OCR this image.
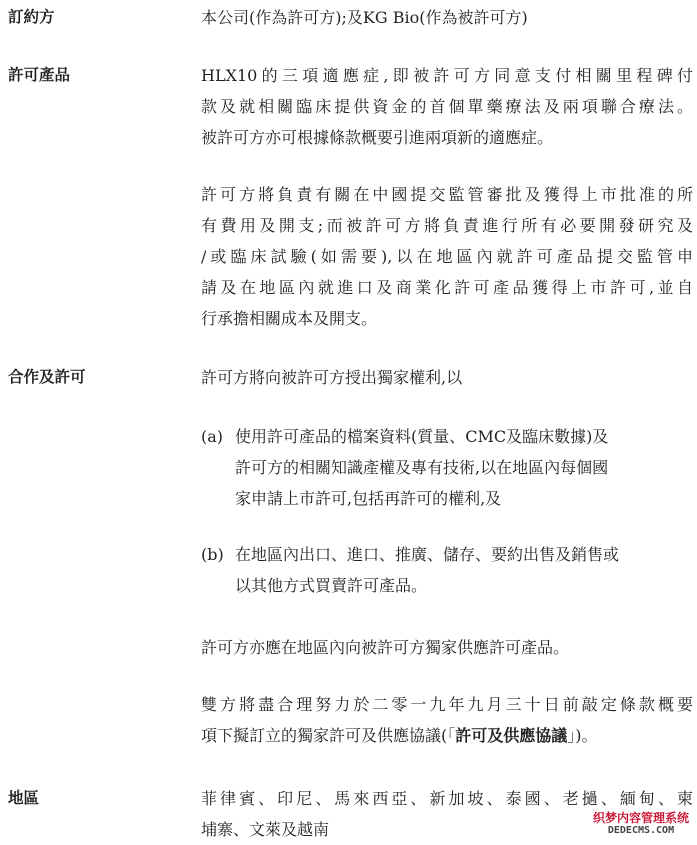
訂約方	本公司(作為許可方);及KG Bio(作為被許可方)
許可產品	HLX10的三項適應症,即被許可方同意支付相關里程碑付
款及就相關臨床提供資金的首個單藥療法及兩項聯合療法。
被許可方亦可根據條款概要引進兩項新的適應症。
許可方將負責有關在中國提交監管審批及獲得上市批准的所
有費用及開支;而被許可方將負責進行所有必要開發研究及
/或臨床試驗(如需要),以在地區內就許可產品提交監管申
請及在地區內就進口及商業化許可產品獲得上市許可,並自
行承擔相關成本及開支。
合作及許可	許可方將向被許可方授出獨家權利,以
(a) 使用許可產品的檔案資料(質量、CMC及臨床數據)及
許可方的相關知識產權及專有技術,以在地區內每個國
家申請上市許可,包括再許可的權利,及
(b) 在地區內出口、進口、推廣、儲存、要約出售及銷售或
以其他方式買賣許可產品。
許可方亦應在地區內向被許可方獨家供應許可產品。
雙方將盡合理努力於二零一九年九月三十日前敲定條款概要
項下擬訂立的獨家許可及供應協議(「許可及供應協議」)。
地區	菲律賓、印尼、馬來西亞、新加坡、泰國、老撾、緬甸、柬
埔寨、文萊及越南
织梦内容管理系统
DEDECMS.COM
